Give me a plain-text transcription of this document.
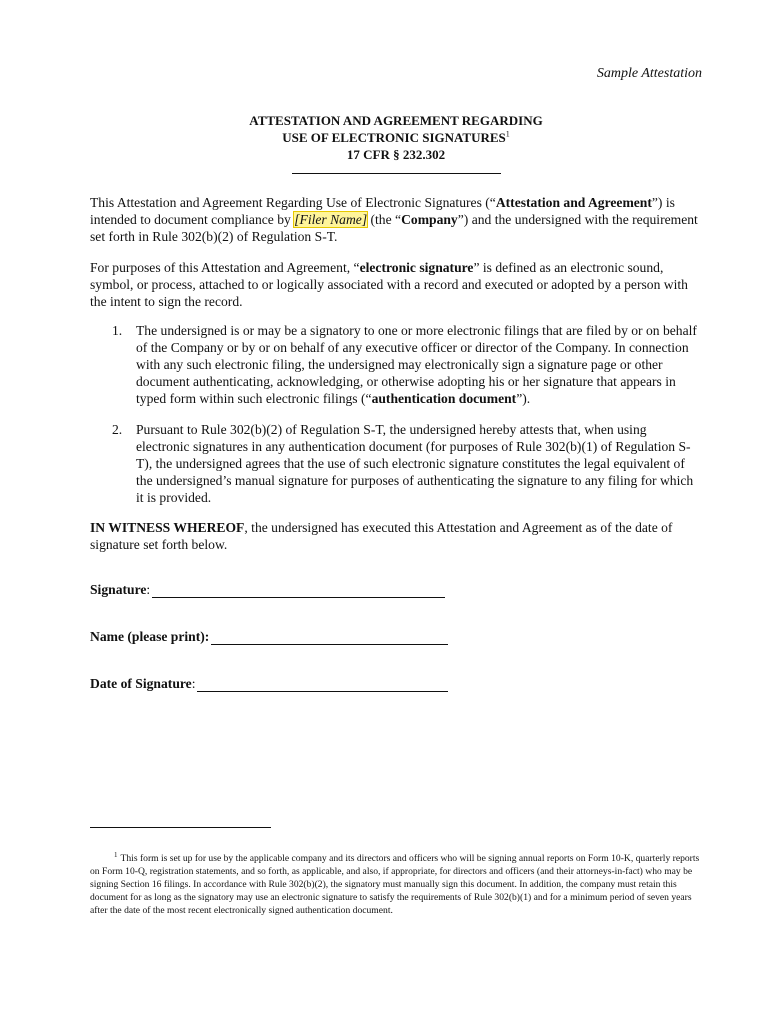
Sample Attestation
ATTESTATION AND AGREEMENT REGARDING
USE OF ELECTRONIC SIGNATURES$^1$
17 CFR § 232.302
This Attestation and Agreement Regarding Use of Electronic Signatures (“Attestation and Agreement”) is intended to document compliance by [Filer Name] (the “Company”) and the undersigned with the requirement set forth in Rule 302(b)(2) of Regulation S-T.
For purposes of this Attestation and Agreement, “electronic signature” is defined as an electronic sound, symbol, or process, attached to or logically associated with a record and executed or adopted by a person with the intent to sign the record.
1. The undersigned is or may be a signatory to one or more electronic filings that are filed by or on behalf of the Company or by or on behalf of any executive officer or director of the Company. In connection with any such electronic filing, the undersigned may electronically sign a signature page or other document authenticating, acknowledging, or otherwise adopting his or her signature that appears in typed form within such electronic filings (“authentication document”).
2. Pursuant to Rule 302(b)(2) of Regulation S-T, the undersigned hereby attests that, when using electronic signatures in any authentication document (for purposes of Rule 302(b)(1) of Regulation S-T), the undersigned agrees that the use of such electronic signature constitutes the legal equivalent of the undersigned’s manual signature for purposes of authenticating the signature to any filing for which it is provided.
IN WITNESS WHEREOF, the undersigned has executed this Attestation and Agreement as of the date of signature set forth below.
Signature :
Name (please print):
Date of Signature :
$^1$ This form is set up for use by the applicable company and its directors and officers who will be signing annual reports on Form 10-K, quarterly reports on Form 10-Q, registration statements, and so forth, as applicable, and also, if appropriate, for directors and officers (and their attorneys-in-fact) who may be signing Section 16 filings. In accordance with Rule 302(b)(2), the signatory must manually sign this document. In addition, the company must retain this document for as long as the signatory may use an electronic signature to satisfy the requirements of Rule 302(b)(1) and for a minimum period of seven years after the date of the most recent electronically signed authentication document.
